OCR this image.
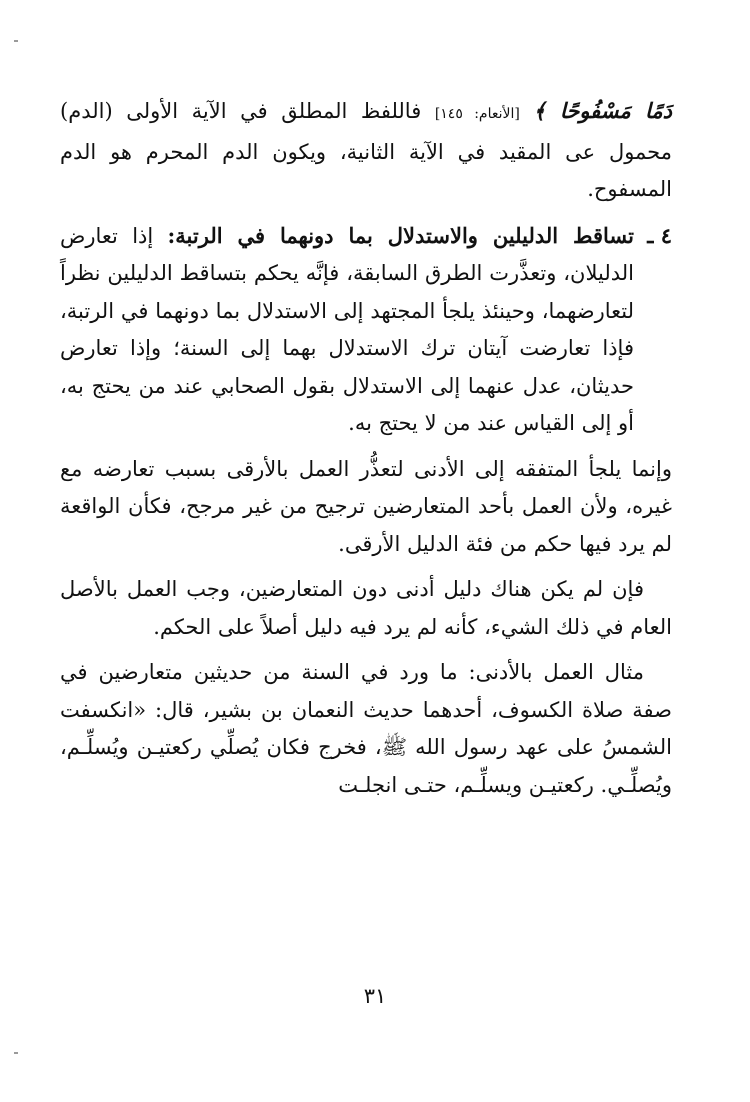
دَمًا مَسْفُوحًا ﴾ [الأنعام: ١٤٥] فاللفظ المطلق في الآية الأولى (الدم) محمول عى المقيد في الآية الثانية، ويكون الدم المحرم هو الدم المسفوح.

٤ ـ

تساقط الدليلين والاستدلال بما دونهما في الرتبة: إذا تعارض الدليلان، وتعذَّرت الطرق السابقة، فإنَّه يحكم بتساقط الدليلين نظراً لتعارضهما، وحينئذ يلجأ المجتهد إلى الاستدلال بما دونهما في الرتبة، فإذا تعارضت آيتان ترك الاستدلال بهما إلى السنة؛ وإذا تعارض حديثان، عدل عنهما إلى الاستدلال بقول الصحابي عند من يحتج به، أو إلى القياس عند من لا يحتج به.

وإنما يلجأ المتفقه إلى الأدنى لتعذُّر العمل بالأرقى بسبب تعارضه مع غيره، ولأن العمل بأحد المتعارضين ترجيح من غير مرجح، فكأن الواقعة لم يرد فيها حكم من فئة الدليل الأرقى.

فإن لم يكن هناك دليل أدنى دون المتعارضين، وجب العمل بالأصل العام في ذلك الشيء، كأنه لم يرد فيه دليل أصلاً على الحكم.

مثال العمل بالأدنى: ما ورد في السنة من حديثين متعارضين في صفة صلاة الكسوف، أحدهما حديث النعمان بن بشير، قال: «انكسفت الشمسُ على عهد رسول الله ﷺ، فخرج فكان يُصلِّي ركعتيـن ويُسلِّـم، ويُصلِّـي. ركعتيـن ويسلِّـم، حتـى انجلـت

٣١
